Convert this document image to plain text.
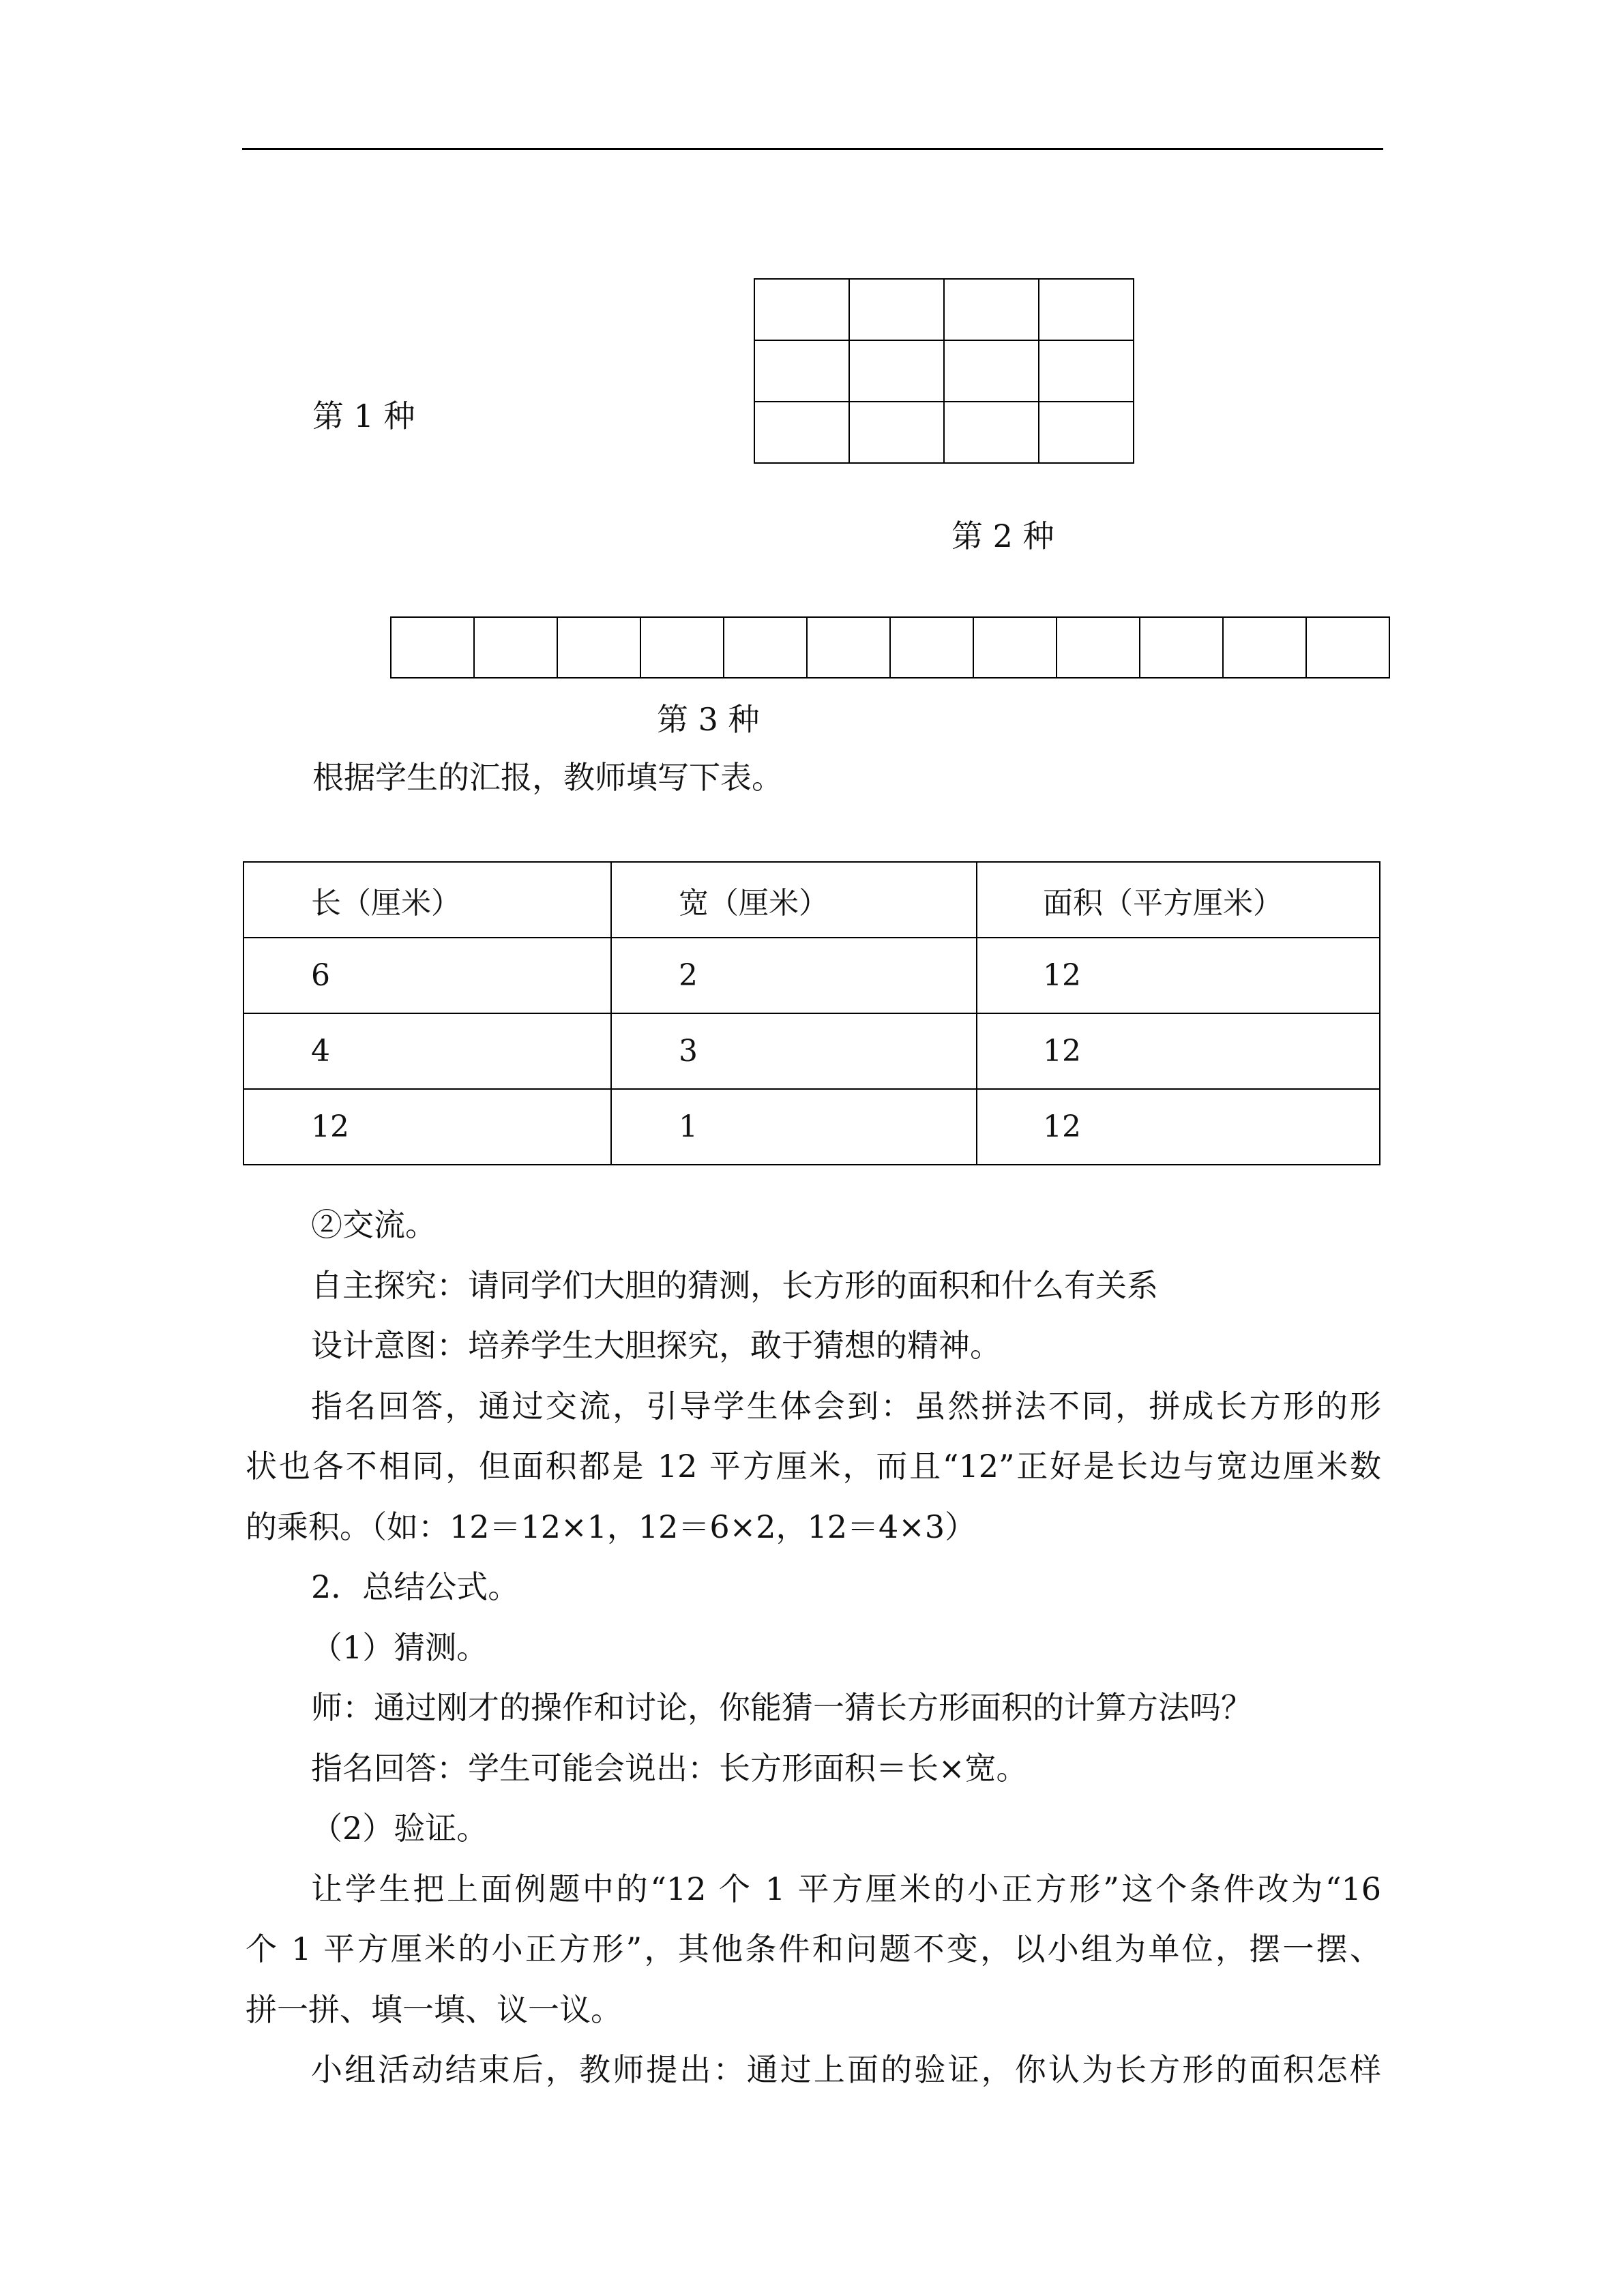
第 1 种
第 2 种

第 3 种
根据学生的汇报，教师填写下表。
长（厘米）	宽（厘米）	面积（平方厘米）
6	2	12
4	3	12
12	1	12

②交流。

自主探究：请同学们大胆的猜测，长方形的面积和什么有关系

设计意图：培养学生大胆探究，敢于猜想的精神。

指名回答，通过交流，引导学生体会到：虽然拼法不同，拼成长方形的形

状也各不相同，但面积都是 12 平方厘米，而且“12”正好是长边与宽边厘米数

的乘积。（如：12＝12×1，12＝6×2，12＝4×3）

2．总结公式。

（1）猜测。

师：通过刚才的操作和讨论，你能猜一猜长方形面积的计算方法吗？

指名回答：学生可能会说出：长方形面积＝长×宽。

（2）验证。

让学生把上面例题中的“12 个 1 平方厘米的小正方形”这个条件改为“16

个 1 平方厘米的小正方形”，其他条件和问题不变，以小组为单位，摆一摆、

拼一拼、填一填、议一议。

小组活动结束后，教师提出：通过上面的验证，你认为长方形的面积怎样
